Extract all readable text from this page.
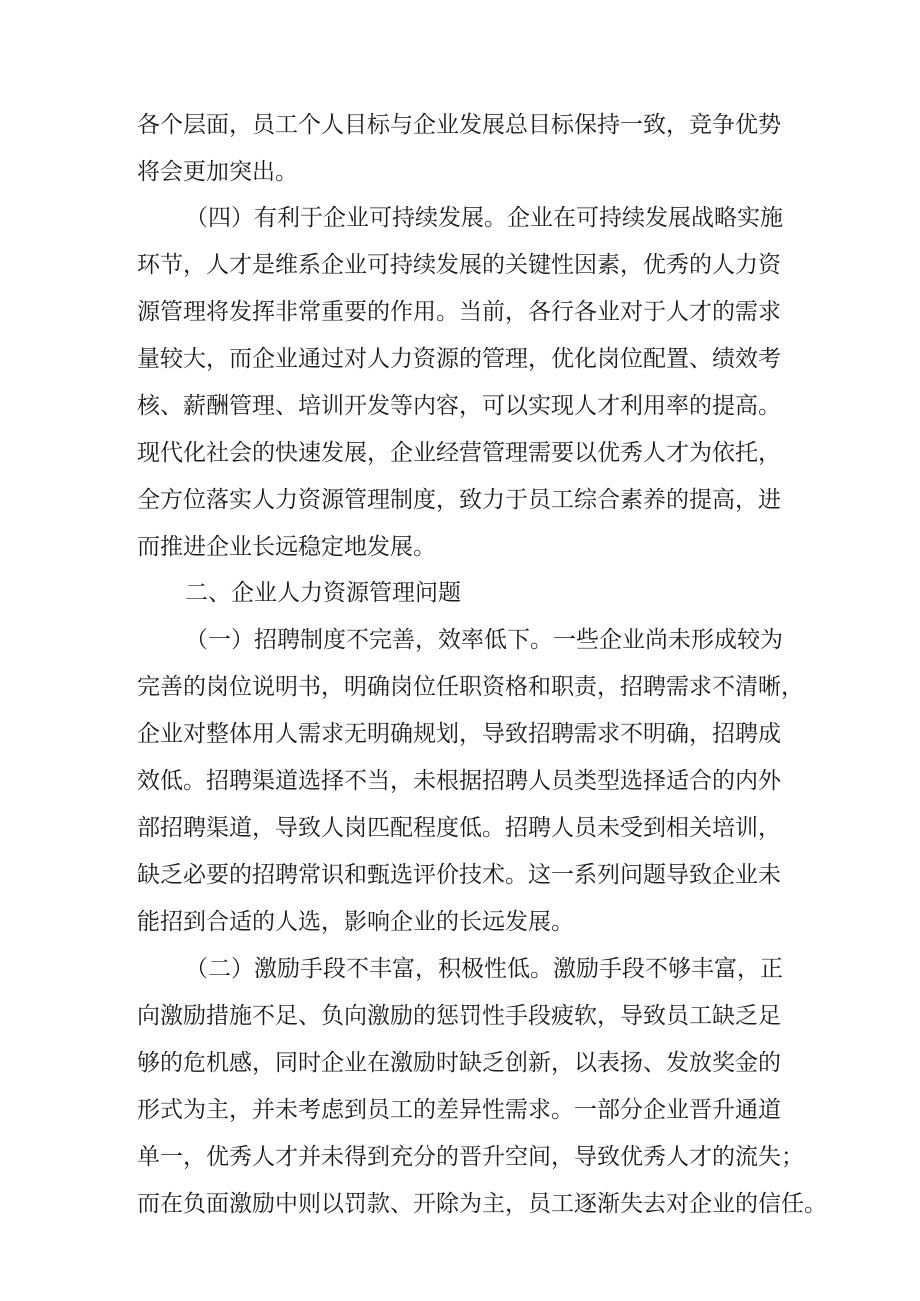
各个层面，员工个人目标与企业发展总目标保持一致，竞争优势
将会更加突出。
（四）有利于企业可持续发展。企业在可持续发展战略实施
环节，人才是维系企业可持续发展的关键性因素，优秀的人力资
源管理将发挥非常重要的作用。当前，各行各业对于人才的需求
量较大，而企业通过对人力资源的管理，优化岗位配置、绩效考
核、薪酬管理、培训开发等内容，可以实现人才利用率的提高。
现代化社会的快速发展，企业经营管理需要以优秀人才为依托，
全方位落实人力资源管理制度，致力于员工综合素养的提高，进
而推进企业长远稳定地发展。
二、企业人力资源管理问题
（一）招聘制度不完善，效率低下。一些企业尚未形成较为
完善的岗位说明书，明确岗位任职资格和职责，招聘需求不清晰，
企业对整体用人需求无明确规划，导致招聘需求不明确，招聘成
效低。招聘渠道选择不当，未根据招聘人员类型选择适合的内外
部招聘渠道，导致人岗匹配程度低。招聘人员未受到相关培训，
缺乏必要的招聘常识和甄选评价技术。这一系列问题导致企业未
能招到合适的人选，影响企业的长远发展。
（二）激励手段不丰富，积极性低。激励手段不够丰富，正
向激励措施不足、负向激励的惩罚性手段疲软，导致员工缺乏足
够的危机感，同时企业在激励时缺乏创新，以表扬、发放奖金的
形式为主，并未考虑到员工的差异性需求。一部分企业晋升通道
单一，优秀人才并未得到充分的晋升空间，导致优秀人才的流失；
而在负面激励中则以罚款、开除为主，员工逐渐失去对企业的信任。
